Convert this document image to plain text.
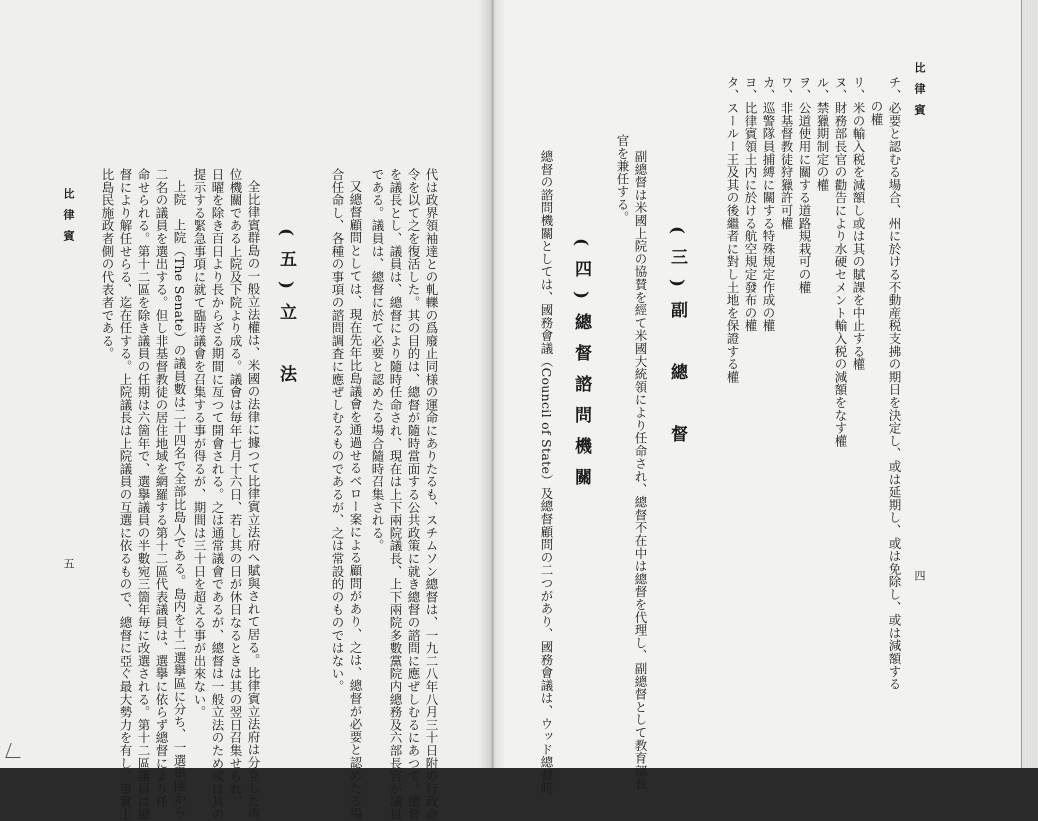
代は政界領袖達との軋轢の爲廢止同様の運命にありたるも、スチムソン總督は、一九二八年八月三十日附の行政命
令を以て之を復活した。其の目的は、總督が隨時當面する公共政策に就き總督の諮問に應ぜしむるにあつて、總督
を議長とし、議員は、總督により隨時任命され、現在は上下兩院議長、上下兩院多數黨院内總務及六部長官が議員
である。議員は、總督に於て必要と認めたる場合隨時召集される。
又總督顧問としては、現在先年比島議會を通過せるベロー案による顧問があり、之は、總督が必要と認めたる場
合任命し、各種の事項の諮問調査に應ぜしむるものであるが、之は常設的のものではない。
(五)立　法
全比律賓群島の一般立法權は、米國の法律に據つて比律賓立法府へ賦與されて居る。比律賓立法府は分立した両
位機關である上院及下院より成る。議會は毎年七月十六日、若し其の日が休日なるときは其の翌日召集せられ、
日曜を除き百日より長からざる期間に亙つて開會される。之は通常議會であるが、總督は一般立法のため或は其の
提示する緊急事項に就て臨時議會を召集する事が得るが、期間は三十日を超える事が出來ない。
上院　上院（The Senate）の議員數は二十四名で全部比島人である。島内を十二選擧區に分ち、一選擧區から
二名の議員を選出する。但し非基督教徒の居住地域を網羅する第十二區代表議員は、選擧に依らず總督により任
命せられる。第十二區を除き議員の任期は六箇年で、選擧議員の半數宛三箇年毎に改選される。第十二區議員は總
督により解任せらる、迄在任する。上院議長は上院議員の互選に依るもので、總督に亞ぐ最大勢力を有し、事實上
比島民施政者側の代表者である。
比律賓
五
比律賓
四
チ、必要と認むる場合、州に於ける不動産税支拂の期日を決定し、或は延期し、或は免除し、或は減額する
の權
リ、米の輸入税を減額し或は其の賦課を中止する權
ヌ、財務部長官の勸告により水硬セメント輸入税の減額をなす權
ル、禁獵期制定の權
ヲ、公道使用に關する道路規栽可の權
ワ、非基督教徒狩獵許可權
カ、巡警隊員捕縛に關する特殊規定作成の權
ヨ、比律賓領土内に於ける航空規定發布の權
タ、スールー王及其の後繼者に對し土地を保證する權
(三)副　總　督
副總督は米國上院の協賛を經て米國大統領により任命され、總督不在中は總督を代理し、副總督として教育部長
官を兼任する。
(四)總督諮問機關
總督の諮問機關としては、國務會議（Council of State）及總督顧問の二つがあり、國務會議は、ウッド總督時
